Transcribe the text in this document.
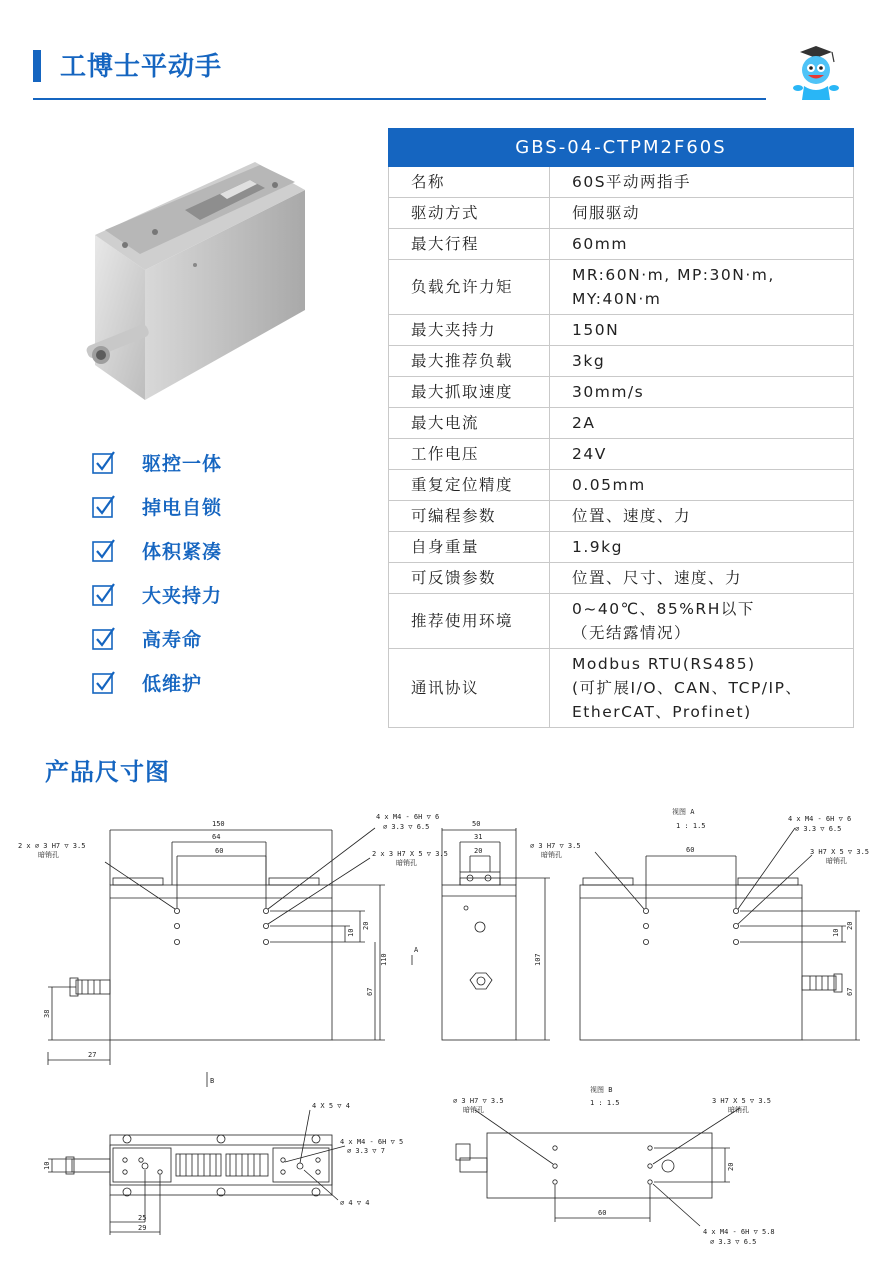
工博士平动手
驱控一体
掉电自锁
体积紧凑
大夹持力
高寿命
低维护
GBS-04-CTPM2F60S	
名称	60S平动两指手

驱动方式	伺服驱动

最大行程	60mm

负载允许力矩	MR:60N·m, MP:30N·m,
MY:40N·m

最大夹持力	150N

最大推荐负载	3kg

最大抓取速度	30mm/s

最大电流	2A

工作电压	24V

重复定位精度	0.05mm

可编程参数	位置、速度、力

自身重量	1.9kg

可反馈参数	位置、尺寸、速度、力

推荐使用环境	0~40℃、85%RH以下
（无结露情况）

通讯协议	Modbus RTU(RS485)
(可扩展I/O、CAN、TCP/IP、
EtherCAT、Profinet)
产品尺寸图
150
64
60
110
20
10
67
38
27
A
2 x ∅ 3 H7 ▽ 3.5
暗销孔
4 x M4 - 6H ▽ 6
∅ 3.3 ▽ 6.5
2 x 3 H7 X 5 ▽ 3.5
暗销孔
50
31
20
107
视图 A
1 : 1.5
60
20
10
67
∅ 3 H7 ▽ 3.5
暗销孔
4 x M4 - 6H ▽ 6
∅ 3.3 ▽ 6.5
3 H7 X 5 ▽ 3.5
暗销孔
B
10
25
29
4 X 5 ▽ 4
4 x M4 - 6H ▽ 5
∅ 3.3 ▽ 7
∅ 4 ▽ 4
视图 B
1 : 1.5
60
20
∅ 3 H7 ▽ 3.5
暗销孔
3 H7 X 5 ▽ 3.5
暗销孔
4 x M4 - 6H ▽ 5.8
∅ 3.3 ▽ 6.5
